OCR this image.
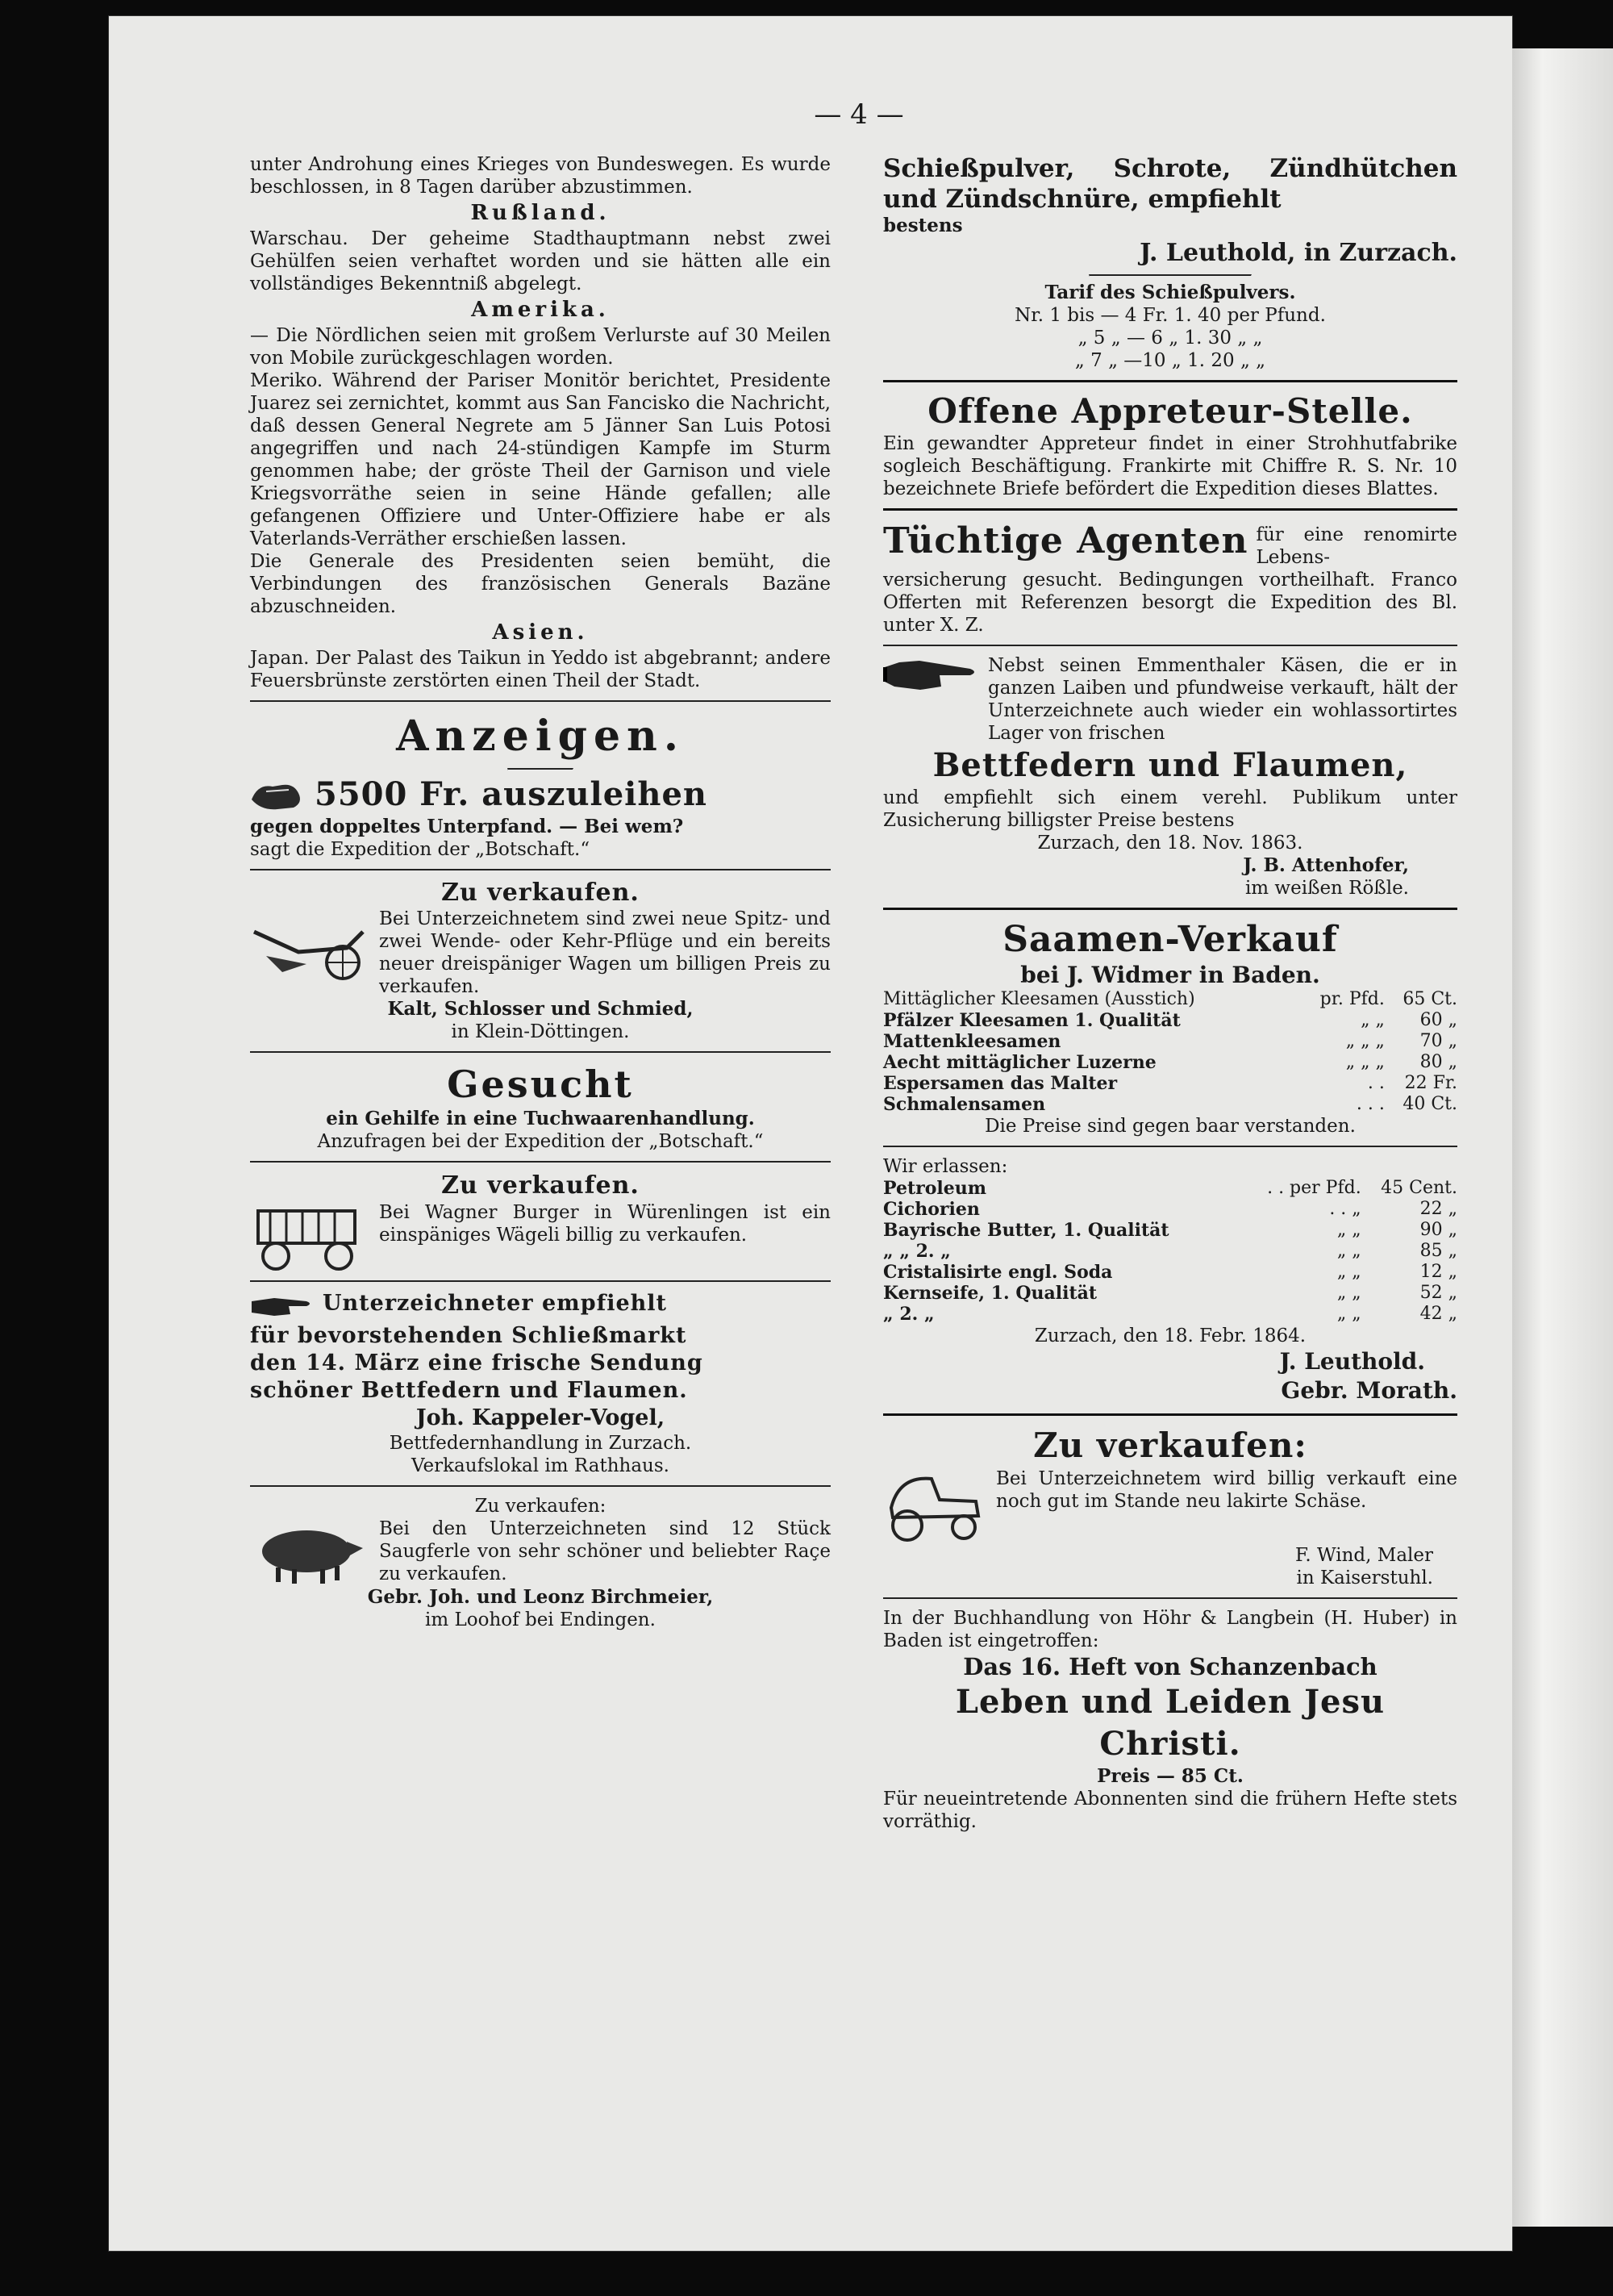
— 4 —

unter Androhung eines Krieges von Bundeswegen. Es wurde beschlossen, in 8 Tagen darüber abzustimmen.

Rußland.

Warschau. Der geheime Stadthauptmann nebst zwei Gehülfen seien verhaftet worden und sie hätten alle ein vollständiges Bekenntniß abgelegt.

Amerika.

— Die Nördlichen seien mit großem Verlurste auf 30 Meilen von Mobile zurückgeschlagen worden.

Meriko. Während der Pariser Monitör berichtet, Presidente Juarez sei zernichtet, kommt aus San Fancisko die Nachricht, daß dessen General Negrete am 5 Jänner San Luis Potosi angegriffen und nach 24-stündigen Kampfe im Sturm genommen habe; der gröste Theil der Garnison und viele Kriegsvorräthe seien in seine Hände gefallen; alle gefangenen Offiziere und Unter-Offiziere habe er als Vaterlands-Verräther erschießen lassen.

Die Generale des Presidenten seien bemüht, die Verbindungen des französischen Generals Bazäne abzuschneiden.

Asien.

Japan. Der Palast des Taikun in Yeddo ist abgebrannt; andere Feuersbrünste zerstörten einen Theil der Stadt.

Anzeigen.
5500 Fr. auszuleihen

gegen doppeltes Unterpfand. — Bei wem?

sagt die Expedition der „Botschaft.“

Zu verkaufen.

Bei Unterzeichnetem sind zwei neue Spitz- und zwei Wende- oder Kehr-Pflüge und ein bereits neuer dreispäniger Wagen um billigen Preis zu verkaufen.

Kalt, Schlosser und Schmied,

in Klein-Döttingen.

Gesucht

ein Gehilfe in eine Tuchwaarenhandlung.

Anzufragen bei der Expedition der „Botschaft.“

Zu verkaufen.

Bei Wagner Burger in Würenlingen ist ein einspäniges Wägeli billig zu verkaufen.

Unterzeichneter empfiehlt

für bevorstehenden Schließmarkt

den 14. März eine frische Sendung

schöner Bettfedern und Flaumen.

Joh. Kappeler-Vogel,

Bettfedernhandlung in Zurzach.

Verkaufslokal im Rathhaus.

Zu verkaufen:

Bei den Unterzeichneten sind 12 Stück Saugferle von sehr schöner und beliebter Raçe zu verkaufen.

Gebr. Joh. und Leonz Birchmeier,

im Loohof bei Endingen.

Schießpulver, Schrote, Zündhütchen und Zündschnüre, empfiehlt

bestens

J. Leuthold, in Zurzach.

Tarif des Schießpulvers.

Nr. 1 bis — 4 Fr. 1. 40 per Pfund.

„ 5 „ — 6 „ 1. 30 „ „

„ 7 „ —10 „ 1. 20 „ „

Offene Appreteur-Stelle.

Ein gewandter Appreteur findet in einer Strohhutfabrike sogleich Beschäftigung. Frankirte mit Chiffre R. S. Nr. 10 bezeichnete Briefe befördert die Expedition dieses Blattes.

Tüchtige Agenten für eine renomirte Lebens-

versicherung gesucht. Bedingungen vortheilhaft. Franco Offerten mit Referenzen besorgt die Expedition des Bl. unter X. Z.

Nebst seinen Emmenthaler Käsen, die er in ganzen Laiben und pfundweise verkauft, hält der Unterzeichnete auch wieder ein wohlassortirtes Lager von frischen

Bettfedern und Flaumen,

und empfiehlt sich einem verehl. Publikum unter Zusicherung billigster Preise bestens

Zurzach, den 18. Nov. 1863.

J. B. Attenhofer,

im weißen Rößle.

Saamen-Verkauf

bei J. Widmer in Baden.

Mittäglicher Kleesamen (Ausstich)	pr. Pfd.	65 Ct.
Pfälzer Kleesamen 1. Qualität	„ „	60 „
Mattenkleesamen	„ „ „	70 „
Aecht mittäglicher Luzerne	„ „ „	80 „
Espersamen das Malter	. .	22 Fr.
Schmalensamen	. . .	40 Ct.

Die Preise sind gegen baar verstanden.

Wir erlassen:

Petroleum	. . per Pfd.	45 Cent.
Cichorien	. . „	22 „
Bayrische Butter, 1. Qualität	„ „	90 „
„ „ 2. „	„ „	85 „
Cristalisirte engl. Soda	„ „	12 „
Kernseife, 1. Qualität	„ „	52 „
„ 2. „	„ „	42 „

Zurzach, den 18. Febr. 1864.

J. Leuthold.

Gebr. Morath.

Zu verkaufen:

Bei Unterzeichnetem wird billig verkauft eine noch gut im Stande neu lakirte Schäse.

F. Wind, Maler

in Kaiserstuhl.

In der Buchhandlung von Höhr & Langbein (H. Huber) in Baden ist eingetroffen:

Das 16. Heft von Schanzenbach

Leben und Leiden Jesu Christi.

Preis — 85 Ct.

Für neueintretende Abonnenten sind die frühern Hefte stets vorräthig.
